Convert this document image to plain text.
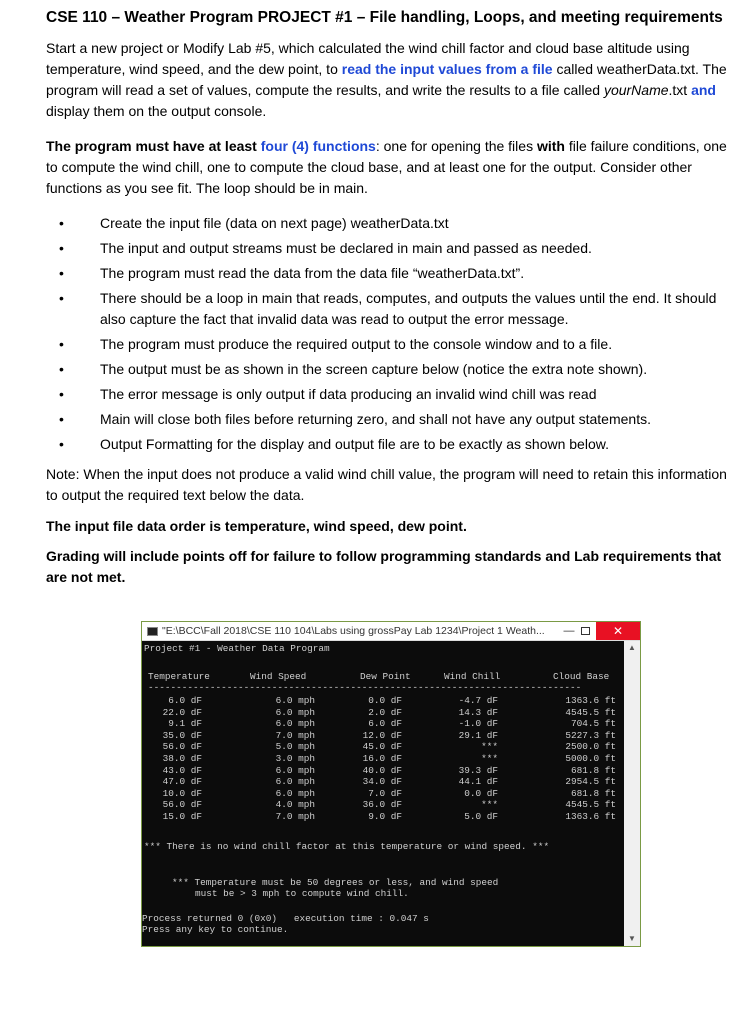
CSE 110 – Weather Program PROJECT #1 – File handling, Loops, and meeting requirements

Start a new project or Modify Lab #5, which calculated the wind chill factor and cloud base altitude using temperature, wind speed, and the dew point, to read the input values from a file called weatherData.txt. The program will read a set of values, compute the results, and write the results to a file called yourName.txt and display them on the output console.

The program must have at least four (4) functions: one for opening the files with file failure conditions, one to compute the wind chill, one to compute the cloud base, and at least one for the output. Consider other functions as you see fit. The loop should be in main.

• Create the input file (data on next page) weatherData.txt
• The input and output streams must be declared in main and passed as needed.
• The program must read the data from the data file “weatherData.txt”.
• There should be a loop in main that reads, computes, and outputs the values until the end. It should also capture the fact that invalid data was read to output the error message.
• The program must produce the required output to the console window and to a file.
• The output must be as shown in the screen capture below (notice the extra note shown).
• The error message is only output if data producing an invalid wind chill was read
• Main will close both files before returning zero, and shall not have any output statements.
• Output Formatting for the display and output file are to be exactly as shown below.

Note: When the input does not produce a valid wind chill value, the program will need to retain this information to output the required text below the data.

The input file data order is temperature, wind speed, dew point.

Grading will include points off for failure to follow programming standards and Lab requirements that are not met.

"E:\BCC\Fall 2018\CSE 110 104\Labs using grossPay Lab 1234\Project 1 Weath...	—	✕
Project #1 - Weather Data Program
Temperature	Wind Speed	Dew Point	Wind Chill	Cloud Base
-----------------------------------------------------------------------------
6.0 dF	6.0 mph	0.0 dF	-4.7 dF	1363.6 ft
22.0 dF	6.0 mph	2.0 dF	14.3 dF	4545.5 ft
9.1 dF	6.0 mph	6.0 dF	-1.0 dF	704.5 ft
35.0 dF	7.0 mph	12.0 dF	29.1 dF	5227.3 ft
56.0 dF	5.0 mph	45.0 dF	***	2500.0 ft
38.0 dF	3.0 mph	16.0 dF	***	5000.0 ft
43.0 dF	6.0 mph	40.0 dF	39.3 dF	681.8 ft
47.0 dF	6.0 mph	34.0 dF	44.1 dF	2954.5 ft
10.0 dF	6.0 mph	7.0 dF	0.0 dF	681.8 ft
56.0 dF	4.0 mph	36.0 dF	***	4545.5 ft
15.0 dF	7.0 mph	9.0 dF	5.0 dF	1363.6 ft
*** There is no wind chill factor at this temperature or wind speed. ***
*** Temperature must be 50 degrees or less, and wind speed
must be > 3 mph to compute wind chill.
Process returned 0 (0x0)   execution time : 0.047 s
Press any key to continue.
▲
▼
